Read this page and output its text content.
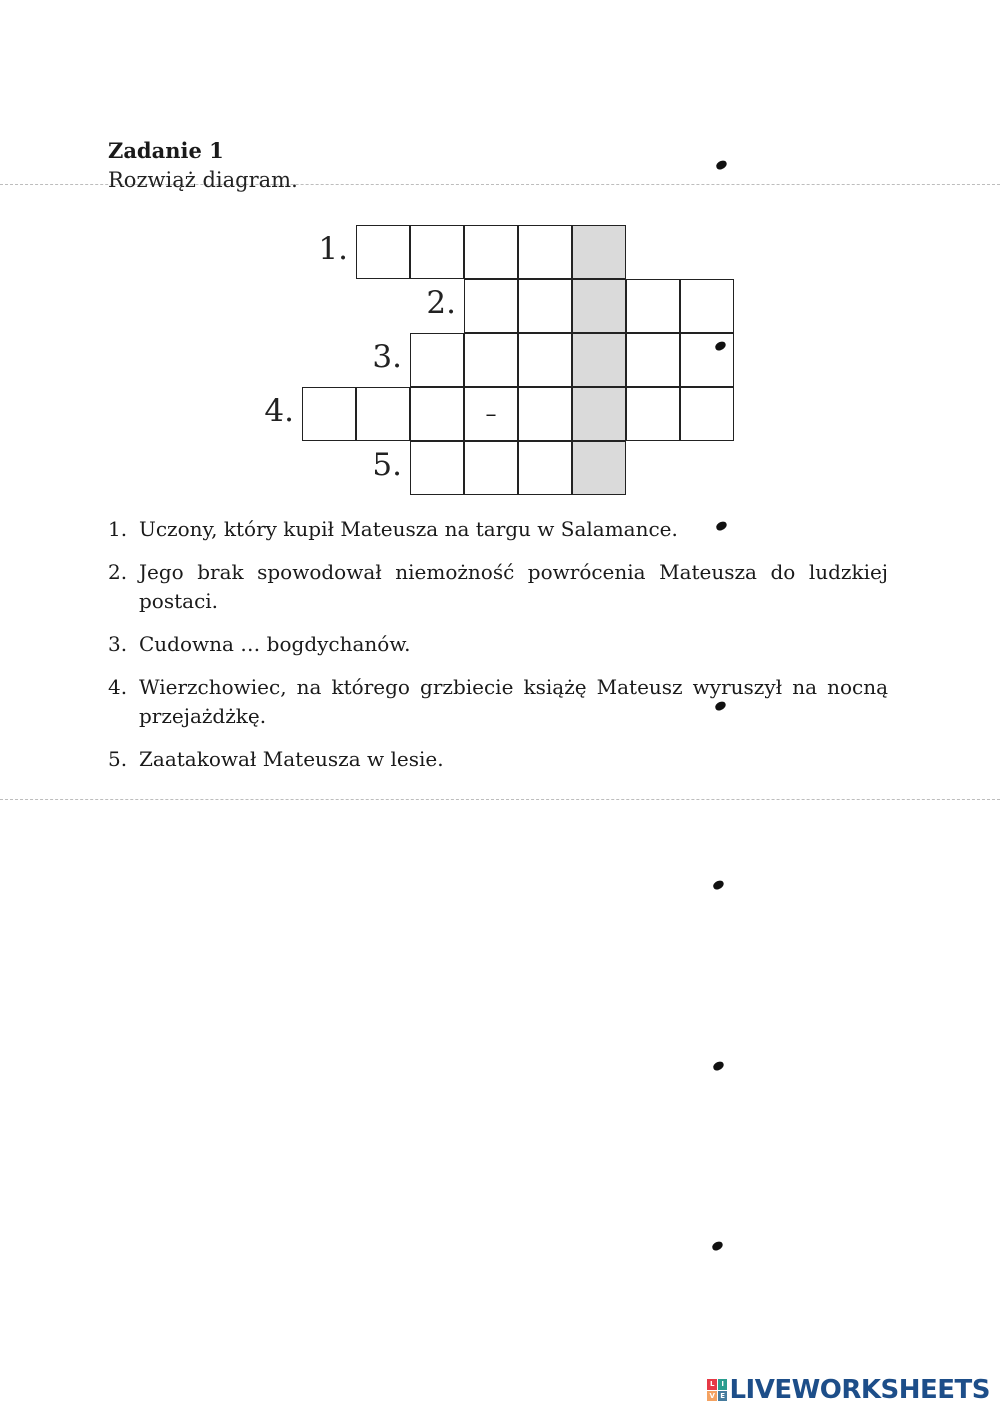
Zadanie 1

Rozwiąż diagram.

1.
2.
3.
4.	–
5.
1. Uczony, który kupił Mateusza na targu w Salamance.
2. Jego brak spowodował niemożność powrócenia Mateusza do ludzkiej postaci.
3. Cudowna … bogdychanów.
4. Wierzchowiec, na którego grzbiecie książę Mateusz wyruszył na nocną przejażdżkę.
5. Zaatakował Mateusza w lesie.
L I
V E LIVEWORKSHEETS
